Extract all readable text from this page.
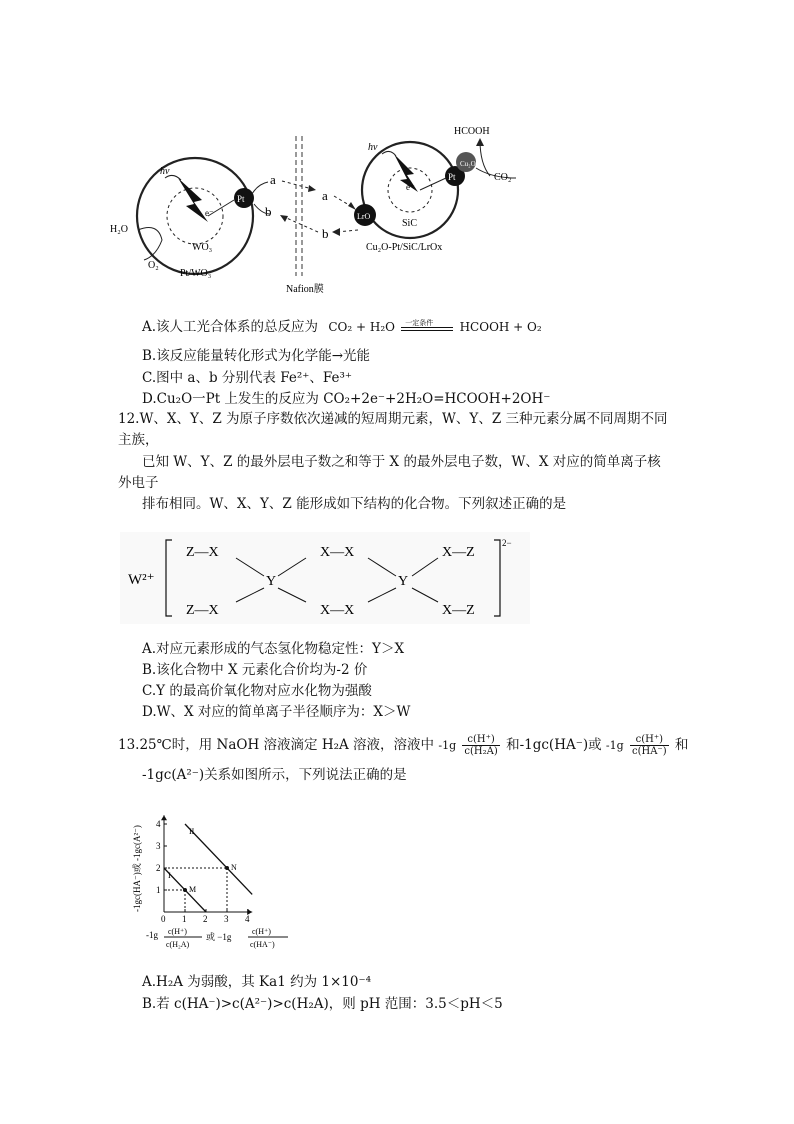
hν
e⁻
WO₃
Pt
H₂O
O₂
Pt/WO₃
a
b
Nafion膜
a
b
hν
e⁻
SiC
Pt
Cu₂O
LrO
HCOOH
CO₂
Cu₂O-Pt/SiC/LrOx
A.该人工光合体系的总反应为 CO₂ + H₂O 一定条件 HCOOH + O₂
B.该反应能量转化形式为化学能→光能
C.图中 a、b 分别代表 Fe²⁺、Fe³⁺
D.Cu₂O一Pt 上发生的反应为 CO₂+2e⁻+2H₂O=HCOOH+2OH⁻
12.W、X、Y、Z 为原子序数依次递减的短周期元素，W、Y、Z 三种元素分属不同周期不同
主族，
已知 W、Y、Z 的最外层电子数之和等于 X 的最外层电子数，W、X 对应的简单离子核
外电子
排布相同。W、X、Y、Z 能形成如下结构的化合物。下列叙述正确的是
W²⁺
2−
Z—X
Z—X
Y
X—X
X—X
Y
X—Z
X—Z
A.对应元素形成的气态氢化物稳定性：Y＞X
B.该化合物中 X 元素化合价均为-2 价
C.Y 的最高价氧化物对应水化物为强酸
D.W、X 对应的简单离子半径顺序为：X＞W
13.25℃时，用 NaOH 溶液滴定 H₂A 溶液，溶液中 $-1g \frac{c(H^+)}{\text{c(H₂A)}}$ 和-1gc(HA⁻)或 $-1g \frac{c(H^+)}{c(HA^-)}$ 和
-1gc(A²⁻)关系如图所示，下列说法正确的是
0 1 2 3 4
1
2
3
4
I
II
M
N
-1gc(HA⁻)或 -1gc(A²⁻)
-1g c(H⁺)
c(H₂A)
或 −1g
c(H⁺)
c(HA⁻)
A.H₂A 为弱酸，其 Ka1 约为 1×10⁻⁴
B.若 c(HA⁻)>c(A²⁻)>c(H₂A)，则 pH 范围：3.5＜pH＜5
